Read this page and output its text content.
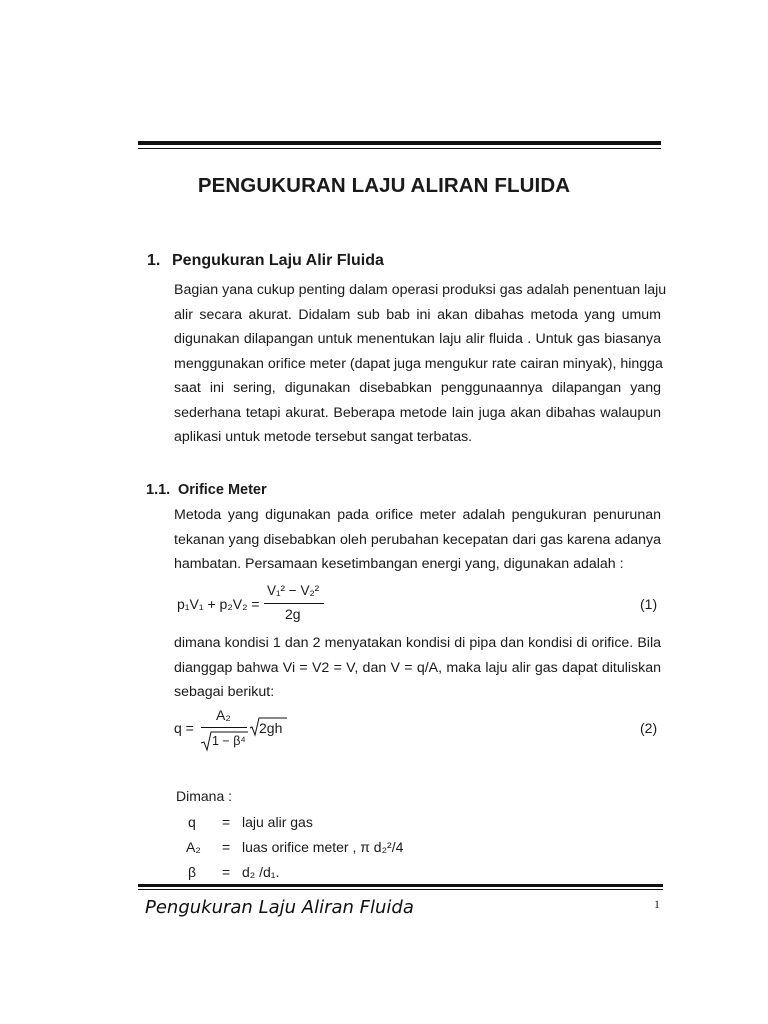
PENGUKURAN LAJU ALIRAN FLUIDA
1. Pengukuran Laju Alir Fluida
Bagian yana cukup penting dalam operasi produksi gas adalah penentuan laju
alir secara akurat. Didalam sub bab ini akan dibahas metoda yang umum
digunakan dilapangan untuk menentukan laju alir fluida . Untuk gas biasanya
menggunakan orifice meter (dapat juga mengukur rate cairan minyak), hingga
saat ini sering, digunakan disebabkan penggunaannya dilapangan yang
sederhana tetapi akurat. Beberapa metode lain juga akan dibahas walaupun
aplikasi untuk metode tersebut sangat terbatas.
1.1. Orifice Meter
Metoda yang digunakan pada orifice meter adalah pengukuran penurunan
tekanan yang disebabkan oleh perubahan kecepatan dari gas karena adanya
hambatan. Persamaan kesetimbangan energi yang, digunakan adalah :
p₁V₁ + p₂V₂ =
V₁² − V₂²
2g
(1)
dimana kondisi 1 dan 2 menyatakan kondisi di pipa dan kondisi di orifice. Bila
dianggap bahwa Vi = V2 = V, dan V = q/A, maka laju alir gas dapat dituliskan
sebagai berikut:
q =
A₂
1 − β⁴
2gh	(2)
Dimana :
q = laju alir gas
A₂ = luas orifice meter , π d₂²/4
β = d₂ /d₁.
Pengukuran Laju Aliran Fluida	1
